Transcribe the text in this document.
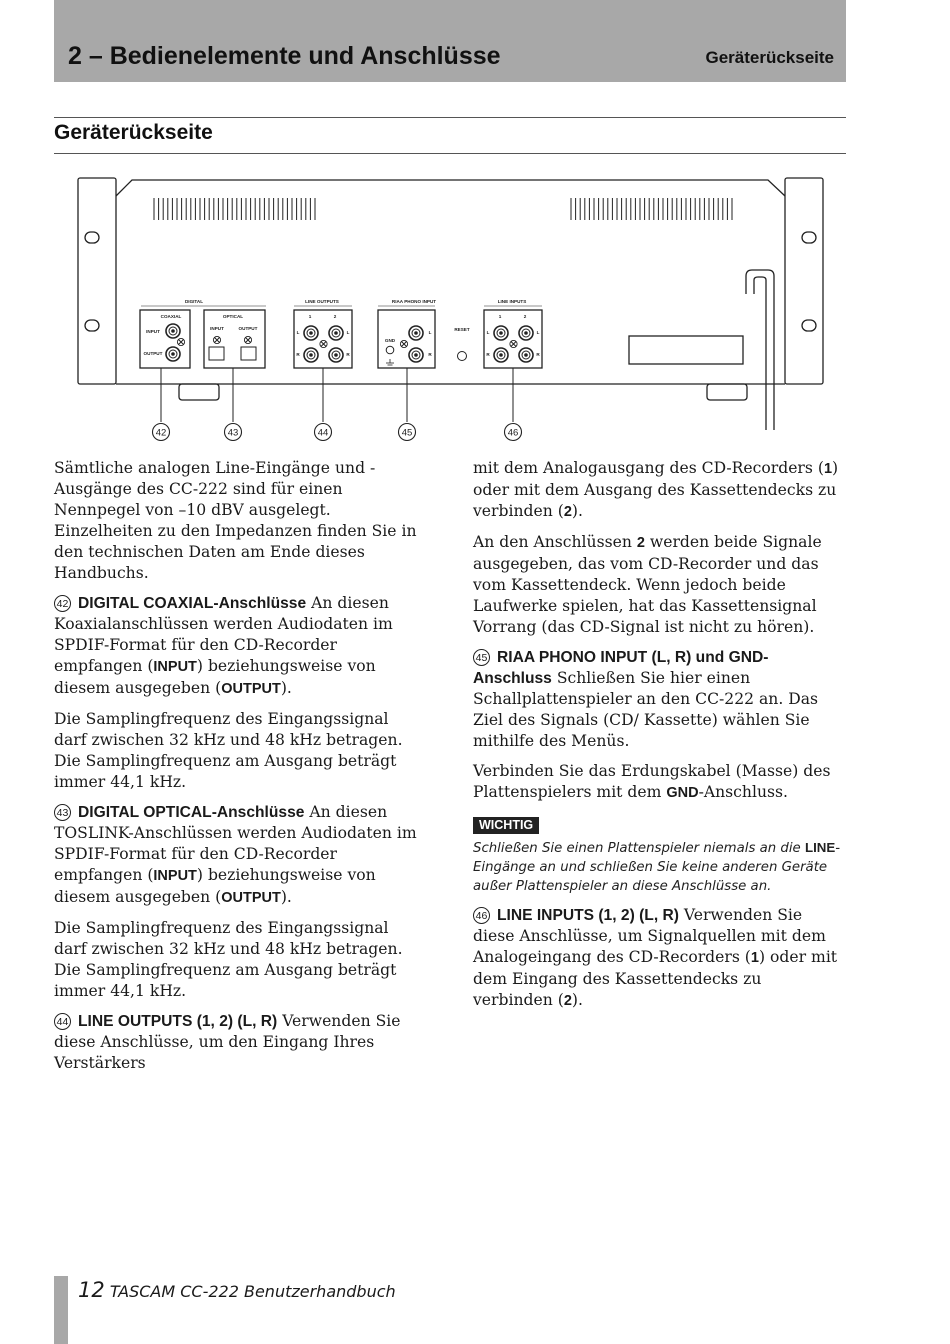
2 – Bedienelemente und Anschlüsse	Geräterückseite
Geräterückseite
DIGITAL	LINE OUTPUTS	RIAA PHONO INPUT	LINE INPUTS
COAXIAL	OPTICAL
INPUT
OUTPUT
INPUT	OUTPUT
1	2	1	2
L
R
L
R
L
R
L
R
L
R
GND
RESET
42	43	44	45	46

Sämtliche analogen Line-Eingänge und -Ausgänge des CC-222 sind für einen Nennpegel von –10 dBV ausgelegt. Einzelheiten zu den Impedanzen finden Sie in den technischen Daten am Ende dieses Handbuchs.

42 DIGITAL COAXIAL-Anschlüsse An diesen Koaxialanschlüssen werden Audiodaten im SPDIF-Format für den CD-Recorder empfangen (INPUT) beziehungsweise von diesem ausgegeben (OUTPUT).

Die Samplingfrequenz des Eingangssignal darf zwischen 32 kHz und 48 kHz betragen. Die Samplingfrequenz am Ausgang beträgt immer 44,1 kHz.

43 DIGITAL OPTICAL-Anschlüsse An diesen TOSLINK-Anschlüssen werden Audiodaten im SPDIF-Format für den CD-Recorder empfangen (INPUT) beziehungsweise von diesem ausgegeben (OUTPUT).

Die Samplingfrequenz des Eingangssignal darf zwischen 32 kHz und 48 kHz betragen. Die Samplingfrequenz am Ausgang beträgt immer 44,1 kHz.

44 LINE OUTPUTS (1, 2) (L, R) Verwenden Sie diese Anschlüsse, um den Eingang Ihres Verstärkers

mit dem Analogausgang des CD-Recorders (1) oder mit dem Ausgang des Kassettendecks zu verbinden (2).

An den Anschlüssen 2 werden beide Signale ausgegeben, das vom CD-Recorder und das vom Kassettendeck. Wenn jedoch beide Laufwerke spielen, hat das Kassettensignal Vorrang (das CD-Signal ist nicht zu hören).

45 RIAA PHONO INPUT (L, R) und GND-Anschluss Schließen Sie hier einen Schallplattenspieler an den CC-222 an. Das Ziel des Signals (CD/ Kassette) wählen Sie mithilfe des Menüs.

Verbinden Sie das Erdungskabel (Masse) des Plattenspielers mit dem GND-Anschluss.

WICHTIG

Schließen Sie einen Plattenspieler niemals an die LINE-Eingänge an und schließen Sie keine anderen Geräte außer Plattenspieler an diese Anschlüsse an.

46 LINE INPUTS (1, 2) (L, R) Verwenden Sie diese Anschlüsse, um Signalquellen mit dem Analogeingang des CD-Recorders (1) oder mit dem Eingang des Kassettendecks zu verbinden (2).

12 TASCAM CC-222 Benutzerhandbuch
